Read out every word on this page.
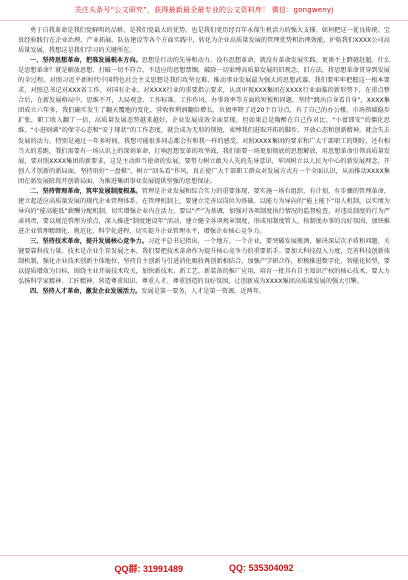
关注头条号“公文研究”，获得最新最全最专业的公文资料库！ 微信：gongwenyj

勇于自我革命是我们党鲜明的品格，是我们党最大的优势，也是我们党历经百年永葆生机活力的强大支撑。如何把这一优良传统、宝贵经验践行在企业治理、产业拓展、队伍建设等各个方面实践中，转化为企业高质量发展的管理优势和治理效能，护航我们XXXX公司高质量发展，我想这是我们学习的关键所在。

一、坚持思想革命，把准发展根本方向。思想是行动的先导和动力，没有思想革命，就没有革命发展实践。更谈不上跨越赶超。什么是思想革命？就是解放思想，打破一切不符合、不适应的思想禁锢，破除一切束缚高质量发展的旧观念。旧方法，将思想革命贯穿到发展的全过程。对照习近平新时代中国特色社会主义思想是我们攻坚克难、推动事业发展最为强大的思想武器，我们要牢牢把握这一根本要求，对照总书记对XXX省工作、对国有企业、对XXXX行业的重要指示要求，认真审视XXX集团在XXXX行业面临的新形势下，在重点整合后，在新发展格局中，思维不开，大局观念、工作标准、工作作风、办事效率等方面的短板和问题，坚持“跳出自身看自身”，XXXX集团成立六年多，我们确实发生了翻天覆地的变化，营收和利润翻倍增长，负债率降了近20个百分点，有了自己的办公楼，市场领域稳步扩张，职工收入翻了一倍，高质量发展态势越来越好，企业发展成效全面显现，但如果总是陶醉在自己作对比、“小富即安”的僵化思维、“小进则满”的保守心态和“安于现状”的工作态度，就会成为无形的锁链，束缚我们进取开拓的脚步。开放心态和创新精神，就会失去发展的动力。特别是通过一年多时间，我想可能很多同志都会有和我一样的感受，对照XXXX集团的要求和广大干部职工的期盼，还有相当大的差距。我们需要有一场认识上的深刻革命，打响思想变革的攻坚战，我们需要一场更加彻底的思想解放，用思想革命引领高质量发展，要对照XXXX集团的新要求，这是主动担当使命的发展，要努力树立敢为人先的先导意识，牢固树立以人民为中心的新发展理念，开创人才创新的新局面，坚持用好“一盘棋”，树立“回头看”作风，真正使广大干部职工群众对发展方式有一个全面认识，从而推动XXXX集团在新发展阶段开创新局面，为推进集团事业发展提供坚强的思想保证。

二、坚持管理革命，筑牢发展制度根基。管理是企业发展和综合实力的重要体现，要实施一场有组织、有计划、有步骤的管理革命，建立起适应高质量发展的现代企业管理体系。在管理机制上，要建立完善以岗位为基础、以能力为导向的“能上能下”用人机制，以实绩为导向的“能高能低”薪酬分配机制，切实增强企业内在活力，要以“严”为基调，加强对各项制度执行情况的监督检查，对违反制度的行为严肃问责，要以规范管理为重点，深入推进“制度建设年”活动，建立健全各项规章制度，形成用制度管人、按制度办事的良好氛围，加快推进企业管理精细化、规范化、科学化进程，切实提升企业管理水平，增强企业核心竞争力。

三、坚持技术革命，提升发展核心竞争力。习近平总书记指出，一个地方、一个企业，要突破发展瓶颈，解决深层次矛盾和问题，关键要靠科技力量。技术是企业生存发展之本，我们要把技术革命作为提升核心竞争力的重要抓手。要加大科技投入力度，完善科技创新体制机制，强化企业技术创新主体地位，坚持自主创新与引进消化吸收再创新相结合，加强产学研合作，积极推进数字化、智能化转型，要以提质增效为目标，围绕主业开展技术攻关，加快新技术、新工艺、新装备的推广应用，培育一批具有自主知识产权的核心技术，要大力弘扬科学家精神、工匠精神，营造尊重知识、尊重人才、尊重创造的良好氛围，让创新成为XXXX集团高质量发展的强大引擎。

四、坚持人才革命，激发企业发展活力。发展是第一要务，人才是第一资源。近两年，

QQ群: 31991489	QQ: 535304092
